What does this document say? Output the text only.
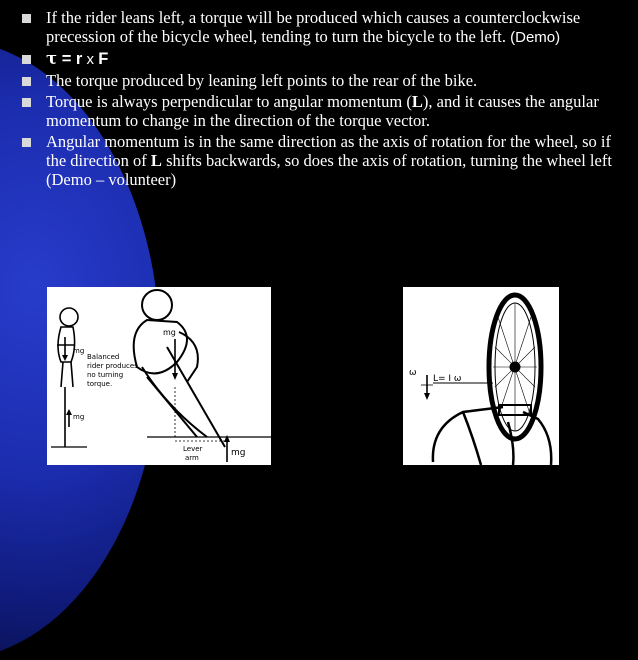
If the rider leans left, a torque will be produced which causes a counterclockwise precession of the bicycle wheel, tending to turn the bicycle to the left. (Demo)
τ = r x F
The torque produced by leaning left points to the rear of the bike.
Torque is always perpendicular to angular momentum (L), and it causes the angular momentum to change in the direction of the torque vector.
Angular momentum is in the same direction as the axis of rotation for the wheel, so if the direction of L shifts backwards, so does the axis of rotation, turning the wheel left (Demo – volunteer)
mg
mg
Balanced
rider produces
no turning
torque.
mg
Lever
arm	mg
ω
L= I ω
